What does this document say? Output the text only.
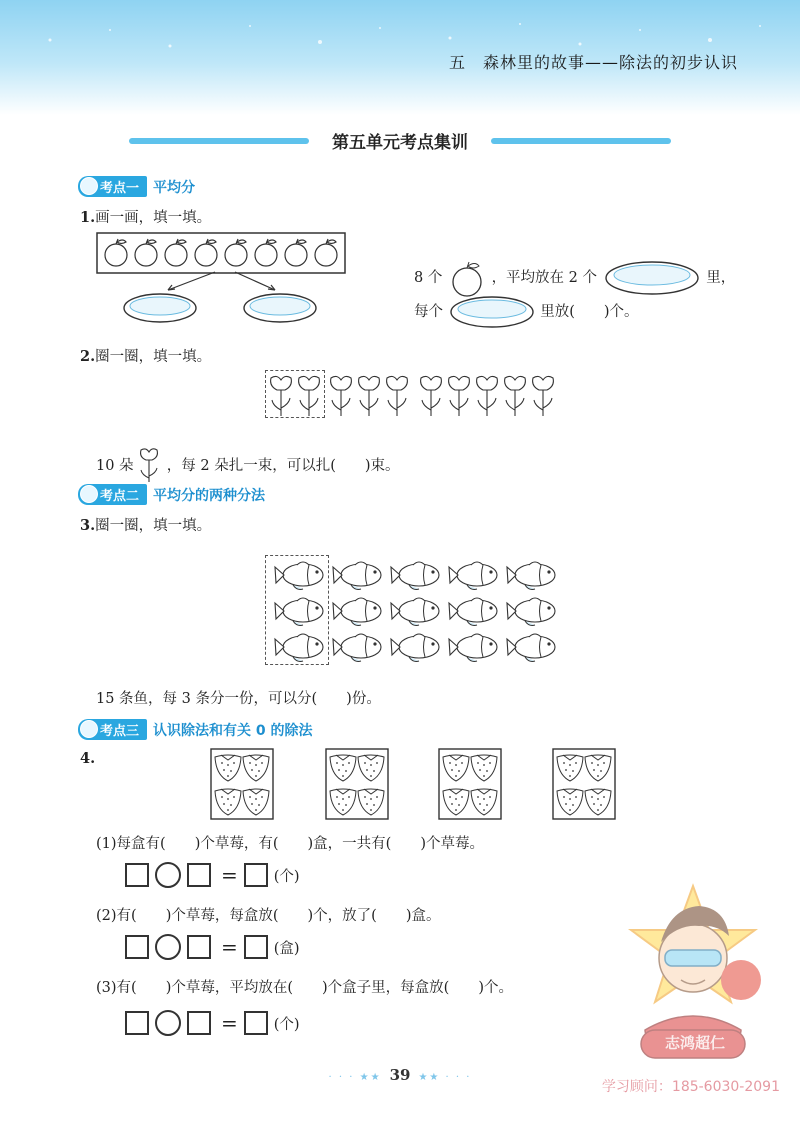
五　森林里的故事——除法的初步认识
第五单元考点集训
考点一 平均分
1.画一画，填一填。
8 个	，平均放在 2 个	里，
每个	里放(　　)个。
2.圈一圈，填一填。
10 朵 ，每 2 朵扎一束，可以扎(　　)束。
考点二 平均分的两种分法
3.圈一圈，填一填。
15 条鱼，每 3 条分一份，可以分(　　)份。
考点三 认识除法和有关 0 的除法
4.
(1)每盒有(　　)个草莓，有(　　)盒，一共有(　　)个草莓。
= (个)
(2)有(　　)个草莓，每盒放(　　)个，放了(　　)盒。
= (盒)
(3)有(　　)个草莓，平均放在(　　)个盒子里，每盒放(　　)个。
= (个)
志鸿超仁
· · · ★★ 39 ★★ · · ·
学习顾问：185-6030-2091
